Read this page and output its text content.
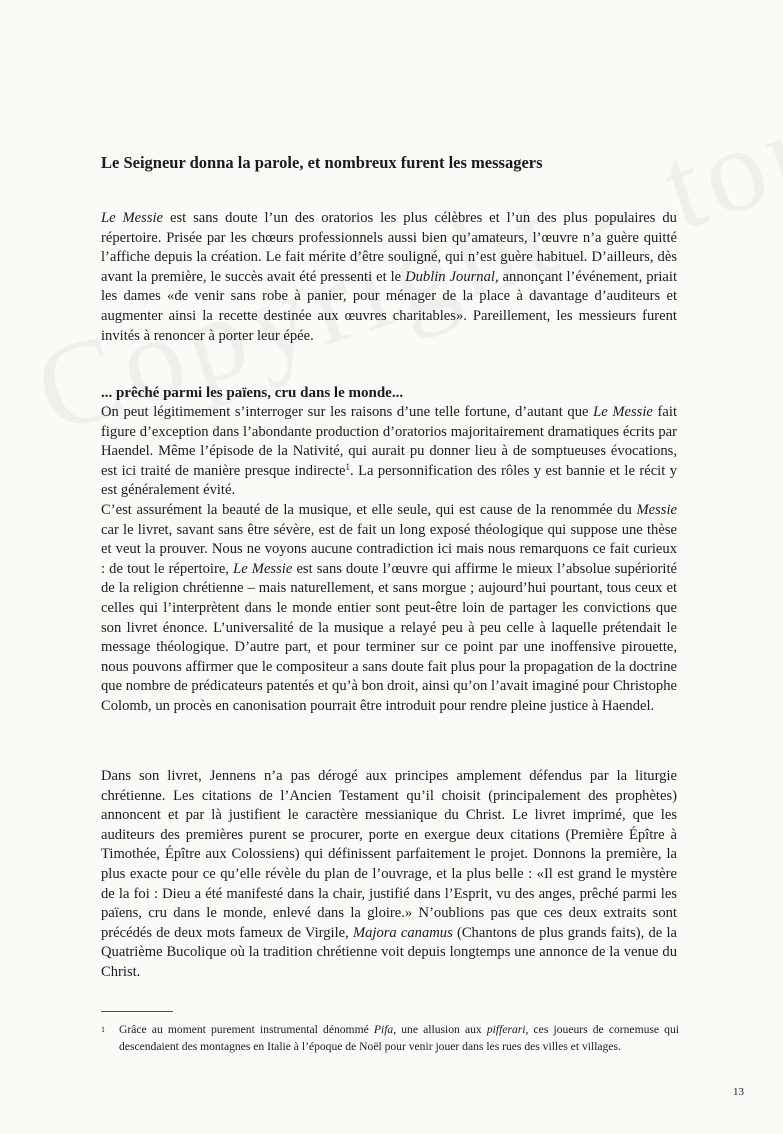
Le Seigneur donna la parole, et nombreux furent les messagers

Le Messie est sans doute l’un des oratorios les plus célèbres et l’un des plus populaires du répertoire. Prisée par les chœurs professionnels aussi bien qu’amateurs, l’œuvre n’a guère quitté l’affiche depuis la création. Le fait mérite d’être souligné, qui n’est guère habituel. D’ailleurs, dès avant la première, le succès avait été pressenti et le Dublin Journal, annonçant l’événement, priait les dames «de venir sans robe à panier, pour ménager de la place à davantage d’auditeurs et augmenter ainsi la recette destinée aux œuvres charitables». Pareillement, les messieurs furent invités à renoncer à porter leur épée.

... prêché parmi les païens, cru dans le monde...

On peut légitimement s’interroger sur les raisons d’une telle fortune, d’autant que Le Messie fait figure d’exception dans l’abondante production d’oratorios majoritairement dramatiques écrits par Haendel. Même l’épisode de la Nativité, qui aurait pu donner lieu à de somptueuses évocations, est ici traité de manière presque indirecte$^1$. La personnification des rôles y est bannie et le récit y est généralement évité.

C’est assurément la beauté de la musique, et elle seule, qui est cause de la renommée du Messie car le livret, savant sans être sévère, est de fait un long exposé théologique qui suppose une thèse et veut la prouver. Nous ne voyons aucune contradiction ici mais nous remarquons ce fait curieux : de tout le répertoire, Le Messie est sans doute l’œuvre qui affirme le mieux l’absolue supériorité de la religion chrétienne – mais naturellement, et sans morgue ; aujourd’hui pourtant, tous ceux et celles qui l’interprètent dans le monde entier sont peut-être loin de partager les convictions que son livret énonce. L’universalité de la musique a relayé peu à peu celle à laquelle prétendait le message théologique. D’autre part, et pour terminer sur ce point par une inoffensive pirouette, nous pouvons affirmer que le compositeur a sans doute fait plus pour la propagation de la doctrine que nombre de prédicateurs patentés et qu’à bon droit, ainsi qu’on l’avait imaginé pour Christophe Colomb, un procès en canonisation pourrait être introduit pour rendre pleine justice à Haendel.

Dans son livret, Jennens n’a pas dérogé aux principes amplement défendus par la liturgie chrétienne. Les citations de l’Ancien Testament qu’il choisit (principalement des prophètes) annoncent et par là justifient le caractère messianique du Christ. Le livret imprimé, que les auditeurs des premières purent se procurer, porte en exergue deux citations (Première Épître à Timothée, Épître aux Colossiens) qui définissent parfaitement le projet. Donnons la première, la plus exacte pour ce qu’elle révèle du plan de l’ouvrage, et la plus belle : «Il est grand le mystère de la foi : Dieu a été manifesté dans la chair, justifié dans l’Esprit, vu des anges, prêché parmi les païens, cru dans le monde, enlevé dans la gloire.» N’oublions pas que ces deux extraits sont précédés de deux mots fameux de Virgile, Majora canamus (Chantons de plus grands faits), de la Quatrième Bucolique où la tradition chrétienne voit depuis longtemps une annonce de la venue du Christ.

1	Grâce au moment purement instrumental dénommé Pifa, une allusion aux pifferari, ces joueurs de cornemuse qui descendaient des montagnes en Italie à l’époque de Noël pour venir jouer dans les rues des villes et villages.
13
